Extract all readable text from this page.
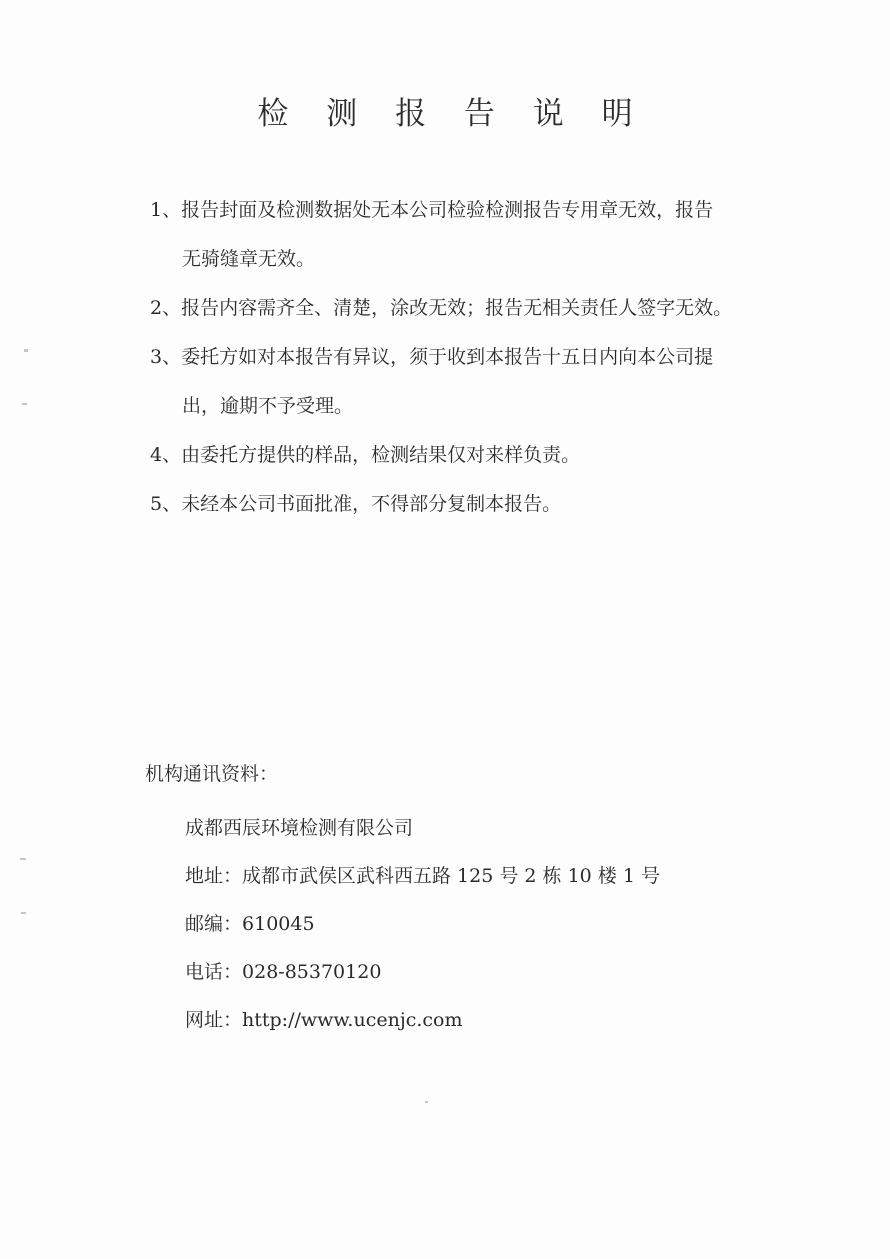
检 测 报 告 说 明
1、报告封面及检测数据处无本公司检验检测报告专用章无效，报告
无骑缝章无效。
2、报告内容需齐全、清楚，涂改无效；报告无相关责任人签字无效。
3、委托方如对本报告有异议，须于收到本报告十五日内向本公司提
出，逾期不予受理。
4、由委托方提供的样品，检测结果仅对来样负责。
5、未经本公司书面批准，不得部分复制本报告。
机构通讯资料：
成都西辰环境检测有限公司
地址：成都市武侯区武科西五路 125 号 2 栋 10 楼 1 号
邮编：610045
电话：028-85370120
网址：http://www.ucenjc.com
